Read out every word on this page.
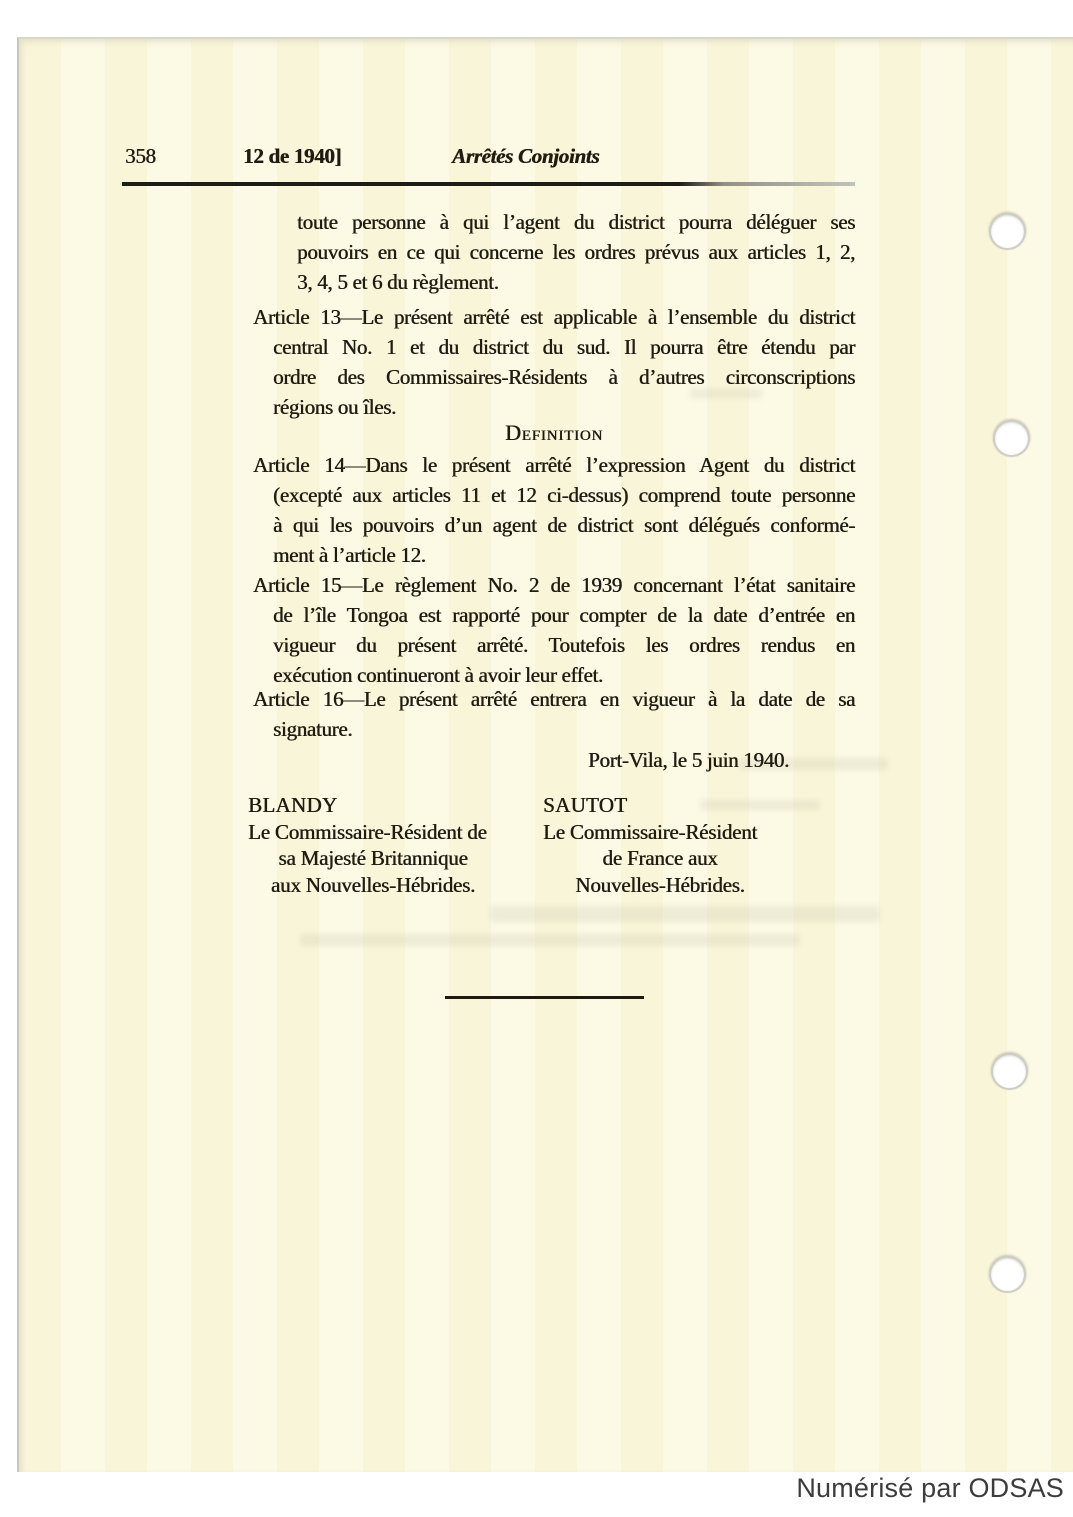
358	12 de 1940]	Arrêtés Conjoints
toute personne à qui l’agent du district pourra déléguer ses
pouvoirs en ce qui concerne les ordres prévus aux articles 1, 2,
3, 4, 5 et 6 du règlement.
Article 13—Le présent arrêté est applicable à l’ensemble du district
central No. 1 et du district du sud. Il pourra être étendu par
ordre des Commissaires-Résidents à d’autres circonscriptions
régions ou îles.
Definition
Article 14—Dans le présent arrêté l’expression Agent du district
(excepté aux articles 11 et 12 ci-dessus) comprend toute personne
à qui les pouvoirs d’un agent de district sont délégués conformé-
ment à l’article 12.
Article 15—Le règlement No. 2 de 1939 concernant l’état sanitaire
de l’île Tongoa est rapporté pour compter de la date d’entrée en
vigueur du présent arrêté. Toutefois les ordres rendus en
exécution continueront à avoir leur effet.
Article 16—Le présent arrêté entrera en vigueur à la date de sa
signature.
Port-Vila, le 5 juin 1940.
BLANDY
Le Commissaire-Résident de
sa Majesté Britannique
aux Nouvelles-Hébrides.
SAUTOT
Le Commissaire-Résident
de France aux
Nouvelles-Hébrides.
Numérisé par ODSAS
